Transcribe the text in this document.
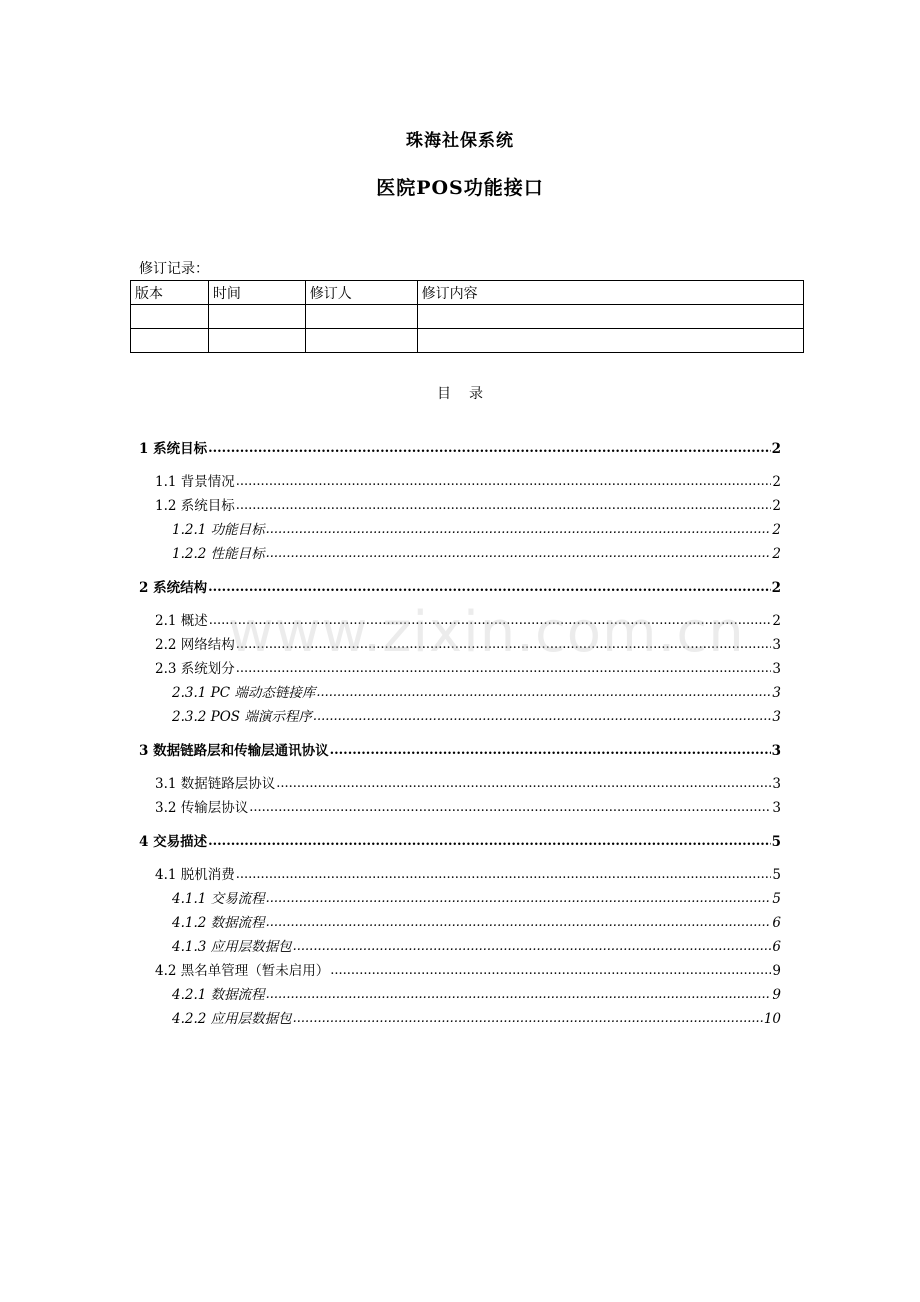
珠海社保系统
医院POS功能接口
修订记录：
版本	时间	修订人	修订内容

目录
1 系统目标 .....	2
1.1 背景情况 .....	2
1.2 系统目标 .....	2
1.2.1 功能目标 .....	2
1.2.2 性能目标 .....	2
2 系统结构 .....	2
2.1 概述 .....	2
2.2 网络结构 .....	3
2.3 系统划分 .....	3
2.3.1 PC 端动态链接库 .....	3
2.3.2 POS 端演示程序 .....	3
3 数据链路层和传输层通讯协议 .....	3
3.1 数据链路层协议 .....	3
3.2 传输层协议 .....	3
4 交易描述 .....	5
4.1 脱机消费 .....	5
4.1.1 交易流程 .....	5
4.1.2 数据流程 .....	6
4.1.3 应用层数据包 .....	6
4.2 黑名单管理（暂未启用） .....	9
4.2.1 数据流程 .....	9
4.2.2 应用层数据包 .....	10
www.zixin.com.cn
